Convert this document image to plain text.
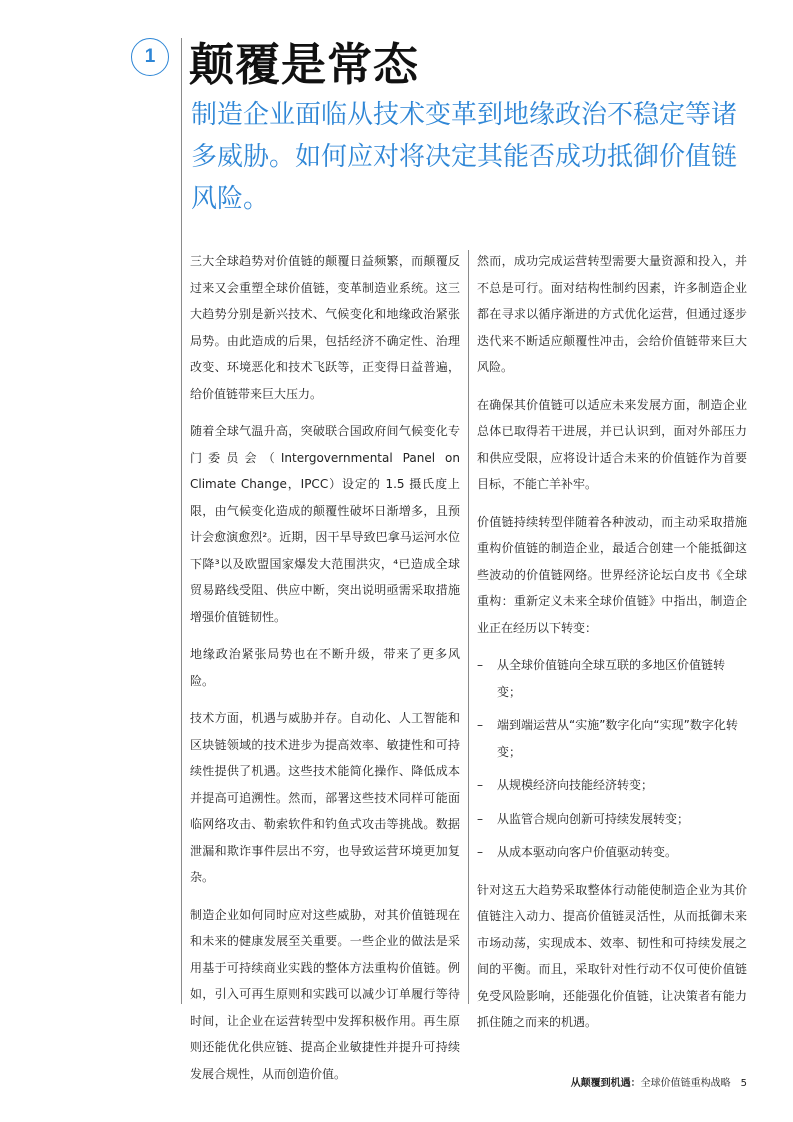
1 颠覆是常态
制造企业面临从技术变革到地缘政治不稳定等诸多威胁。如何应对将决定其能否成功抵御价值链风险。

三大全球趋势对价值链的颠覆日益频繁，而颠覆反过来又会重塑全球价值链，变革制造业系统。这三大趋势分别是新兴技术、气候变化和地缘政治紧张局势。由此造成的后果，包括经济不确定性、治理改变、环境恶化和技术飞跃等，正变得日益普遍，给价值链带来巨大压力。

随着全球气温升高，突破联合国政府间气候变化专门委员会（Intergovernmental Panel on Climate Change，IPCC）设定的 1.5 摄氏度上限，由气候变化造成的颠覆性破坏日渐增多，且预计会愈演愈烈²。近期，因干旱导致巴拿马运河水位下降³以及欧盟国家爆发大范围洪灾，⁴已造成全球贸易路线受阻、供应中断，突出说明亟需采取措施增强价值链韧性。

地缘政治紧张局势也在不断升级，带来了更多风险。

技术方面，机遇与威胁并存。自动化、人工智能和区块链领域的技术进步为提高效率、敏捷性和可持续性提供了机遇。这些技术能简化操作、降低成本并提高可追溯性。然而，部署这些技术同样可能面临网络攻击、勒索软件和钓鱼式攻击等挑战。数据泄漏和欺诈事件层出不穷，也导致运营环境更加复杂。

制造企业如何同时应对这些威胁，对其价值链现在和未来的健康发展至关重要。一些企业的做法是采用基于可持续商业实践的整体方法重构价值链。例如，引入可再生原则和实践可以减少订单履行等待时间，让企业在运营转型中发挥积极作用。再生原则还能优化供应链、提高企业敏捷性并提升可持续发展合规性，从而创造价值。

然而，成功完成运营转型需要大量资源和投入，并不总是可行。面对结构性制约因素，许多制造企业都在寻求以循序渐进的方式优化运营，但通过逐步迭代来不断适应颠覆性冲击，会给价值链带来巨大风险。

在确保其价值链可以适应未来发展方面，制造企业总体已取得若干进展，并已认识到，面对外部压力和供应受限，应将设计适合未来的价值链作为首要目标，不能亡羊补牢。

价值链持续转型伴随着各种波动，而主动采取措施重构价值链的制造企业，最适合创建一个能抵御这些波动的价值链网络。世界经济论坛白皮书《全球重构：重新定义未来全球价值链》中指出，制造企业正在经历以下转变：

– 从全球价值链向全球互联的多地区价值链转变；
– 端到端运营从“实施”数字化向“实现”数字化转变；
– 从规模经济向技能经济转变；
– 从监管合规向创新可持续发展转变；
– 从成本驱动向客户价值驱动转变。

针对这五大趋势采取整体行动能使制造企业为其价值链注入动力、提高价值链灵活性，从而抵御未来市场动荡，实现成本、效率、韧性和可持续发展之间的平衡。而且，采取针对性行动不仅可使价值链免受风险影响，还能强化价值链，让决策者有能力抓住随之而来的机遇。

从颠覆到机遇：全球价值链重构战略 5
